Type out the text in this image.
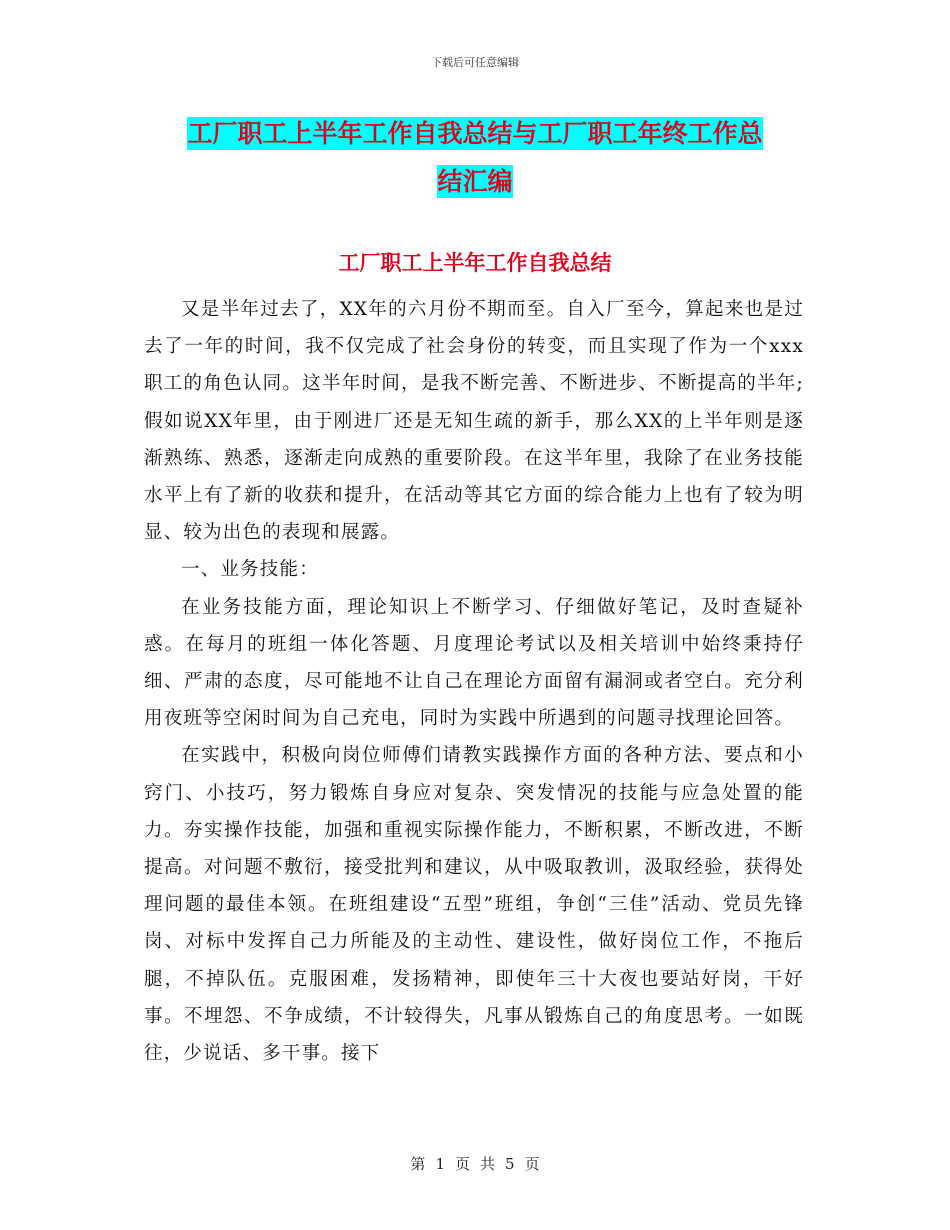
下载后可任意编辑
工厂职工上半年工作自我总结与工厂职工年终工作总
结汇编
工厂职工上半年工作自我总结

又是半年过去了，XX年的六月份不期而至。自入厂至今，算起来也是过去了一年的时间，我不仅完成了社会身份的转变，而且实现了作为一个xxx职工的角色认同。这半年时间，是我不断完善、不断进步、不断提高的半年;假如说XX年里，由于刚进厂还是无知生疏的新手，那么XX的上半年则是逐渐熟练、熟悉，逐渐走向成熟的重要阶段。在这半年里，我除了在业务技能水平上有了新的收获和提升，在活动等其它方面的综合能力上也有了较为明显、较为出色的表现和展露。

一、业务技能：

在业务技能方面，理论知识上不断学习、仔细做好笔记，及时查疑补惑。在每月的班组一体化答题、月度理论考试以及相关培训中始终秉持仔细、严肃的态度，尽可能地不让自己在理论方面留有漏洞或者空白。充分利用夜班等空闲时间为自己充电，同时为实践中所遇到的问题寻找理论回答。

在实践中，积极向岗位师傅们请教实践操作方面的各种方法、要点和小窍门、小技巧，努力锻炼自身应对复杂、突发情况的技能与应急处置的能力。夯实操作技能，加强和重视实际操作能力，不断积累，不断改进，不断提高。对问题不敷衍，接受批判和建议，从中吸取教训，汲取经验，获得处理问题的最佳本领。在班组建设“五型”班组，争创“三佳”活动、党员先锋岗、对标中发挥自己力所能及的主动性、建设性，做好岗位工作，不拖后腿，不掉队伍。克服困难，发扬精神，即使年三十大夜也要站好岗，干好事。不埋怨、不争成绩，不计较得失，凡事从锻炼自己的角度思考。一如既往，少说话、多干事。接下

第 1 页 共 5 页
